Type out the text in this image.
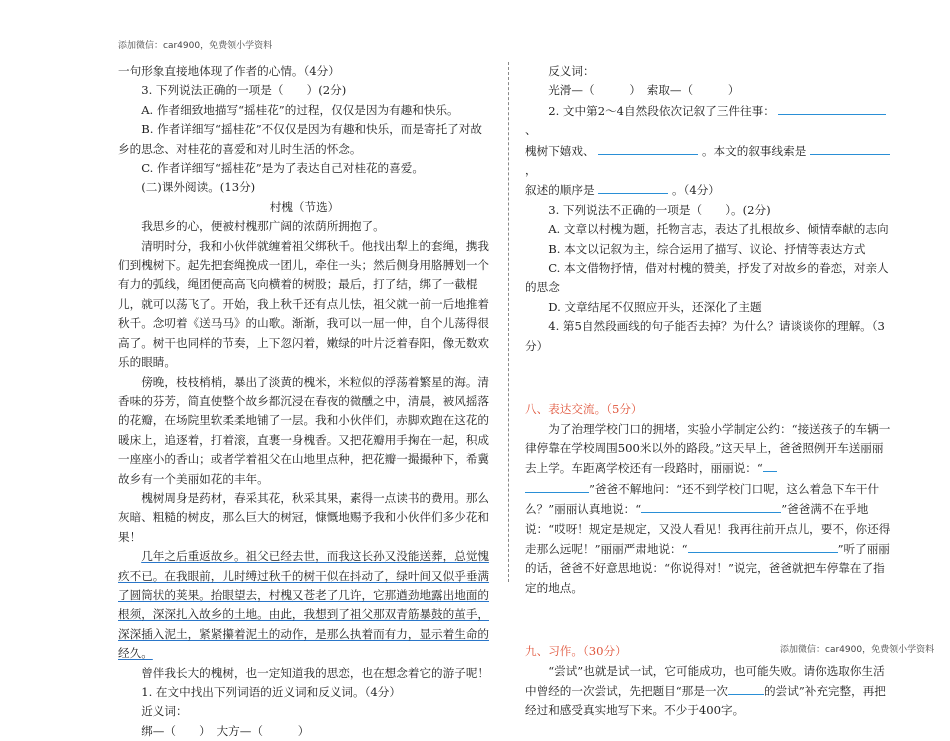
添加微信：car4900，免费领小学资料
添加微信：car4900，免费领小学资料

一句形象直接地体现了作者的心情。（4分）

3. 下列说法正确的一项是（　　）(2分)

A. 作者细致地描写“摇桂花”的过程，仅仅是因为有趣和快乐。

B. 作者详细写“摇桂花”不仅仅是因为有趣和快乐，而是寄托了对故乡的思念、对桂花的喜爱和对儿时生活的怀念。

C. 作者详细写“摇桂花”是为了表达自己对桂花的喜爱。

(二)课外阅读。(13分)

村槐（节选）

我思乡的心，便被村槐那广阔的浓荫所拥抱了。

清明时分，我和小伙伴就缠着祖父绑秋千。他找出犁上的套绳，携我们到槐树下。起先把套绳挽成一团儿，牵住一头；然后侧身用胳膊划一个有力的弧线，绳团便高高飞向横着的树股；最后，打了结，绑了一截棍儿，就可以荡飞了。开始，我上秋千还有点儿怯，祖父就一前一后地推着秋千。念叨着《送马马》的山歌。渐渐，我可以一屈一伸，自个儿荡得很高了。树干也同样的节奏，上下忽闪着，嫩绿的叶片泛着春阳，像无数欢乐的眼睛。

傍晚，枝枝梢梢，暴出了淡黄的槐米，米粒似的浮荡着繁星的海。清香味的芬芳，简直使整个故乡都沉浸在春夜的微醺之中，清晨，被风摇落的花瓣，在场院里软柔柔地铺了一层。我和小伙伴们，赤脚欢跑在这花的暖床上，追逐着，打着滚，直裹一身槐香。又把花瓣用手掬在一起，积成一座座小的香山；或者学着祖父在山地里点种，把花瓣一撮撮种下，希冀故乡有一个美丽如花的丰年。

槐树周身是药材，春采其花，秋采其果，素得一点读书的费用。那么灰暗、粗糙的树皮，那么巨大的树冠，慷慨地赐予我和小伙伴们多少花和果！

几年之后重返故乡。祖父已经去世，而我这长孙又没能送葬，总觉愧疚不已。在我眼前，儿时缚过秋千的树干似在抖动了，绿叶间又似乎垂满了圆筒状的荚果。抬眼望去，村槐又苍老了几许，它那遒劲地露出地面的根须，深深扎入故乡的土地。由此，我想到了祖父那双青筋暴鼓的茧手，深深插入泥土，紧紧攥着泥土的动作，是那么执着而有力，显示着生命的经久。

曾伴我长大的槐树，也一定知道我的思恋，也在想念着它的游子呢！

1. 在文中找出下列词语的近义词和反义词。（4分）

近义词：

绑—（　　）　大方—（　　　）

反义词：

光滑—（　　　）　索取—（　　　）

2. 文中第2～4自然段依次记叙了三件往事： 、

槐树下嬉戏、	。本文的叙事线索是 ，

叙述的顺序是	。（4分）

3. 下列说法不正确的一项是（　　）。(2分)

A. 文章以村槐为题，托物言志，表达了扎根故乡、倾情奉献的志向

B. 本文以记叙为主，综合运用了描写、议论、抒情等表达方式

C. 本文借物抒情，借对村槐的赞美，抒发了对故乡的眷恋，对亲人的思念

D. 文章结尾不仅照应开头，还深化了主题

4. 第5自然段画线的句子能否去掉？为什么？请谈谈你的理解。（3分）

八、表达交流。（5分）

为了治理学校门口的拥堵，实验小学制定公约：“接送孩子的车辆一律停靠在学校周围500米以外的路段。”这天早上，爸爸照例开车送丽丽去上学。车距离学校还有一段路时，丽丽说：“
”爸爸不解地问：“还不到学校门口呢，这么着急下车干什么？”丽丽认真地说：“	”爸爸满不在乎地说：“哎呀！规定是规定，又没人看见！我再往前开点儿，要不，你还得走那么远呢！”丽丽严肃地说：“	”听了丽丽的话，爸爸不好意思地说：“你说得对！”说完，爸爸就把车停靠在了指定的地点。

九、习作。（30分）

“尝试”也就是试一试，它可能成功，也可能失败。请你选取你生活中曾经的一次尝试，先把题目“那是一次	的尝试”补充完整，再把经过和感受真实地写下来。不少于400字。
